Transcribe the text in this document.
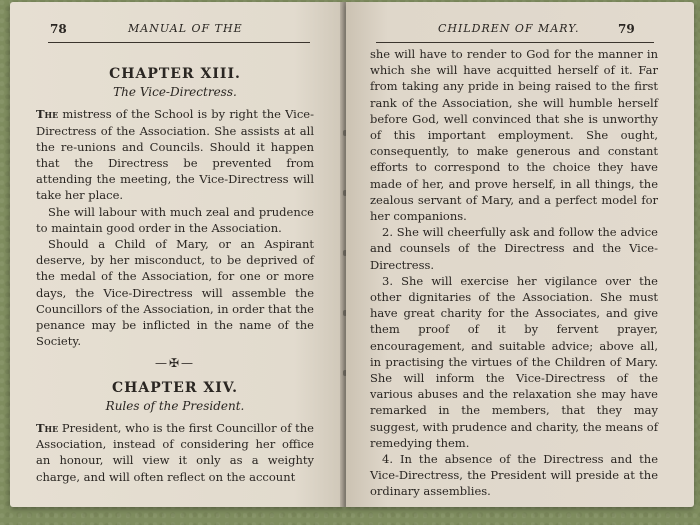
78	MANUAL OF THE
CHAPTER XIII.
The Vice-Directress.

The mistress of the School is by right the Vice-Directress of the Association. She assists at all the re-unions and Councils. Should it happen that the Directress be prevented from attending the meeting, the Vice-Directress will take her place.

She will labour with much zeal and prudence to maintain good order in the Association.

Should a Child of Mary, or an Aspirant deserve, by her misconduct, to be deprived of the medal of the Association, for one or more days, the Vice-Directress will assemble the Councillors of the Association, in order that the penance may be inflicted in the name of the Society.

—✠—
CHAPTER XIV.
Rules of the President.

The President, who is the first Councillor of the Association, instead of considering her office an honour, will view it only as a weighty charge, and will often reflect on the account

CHILDREN OF MARY.	79

she will have to render to God for the manner in which she will have acquitted herself of it. Far from taking any pride in being raised to the first rank of the Association, she will humble herself before God, well convinced that she is unworthy of this important employment. She ought, consequently, to make generous and constant efforts to correspond to the choice they have made of her, and prove herself, in all things, the zealous servant of Mary, and a perfect model for her companions.

2. She will cheerfully ask and follow the advice and counsels of the Directress and the Vice-Directress.

3. She will exercise her vigilance over the other dignitaries of the Association. She must have great charity for the Associates, and give them proof of it by fervent prayer, encouragement, and suitable advice; above all, in practising the virtues of the Children of Mary. She will inform the Vice-Directress of the various abuses and the relaxation she may have remarked in the members, that they may suggest, with prudence and charity, the means of remedying them.

4. In the absence of the Directress and the Vice-Directress, the President will preside at the ordinary assemblies.
